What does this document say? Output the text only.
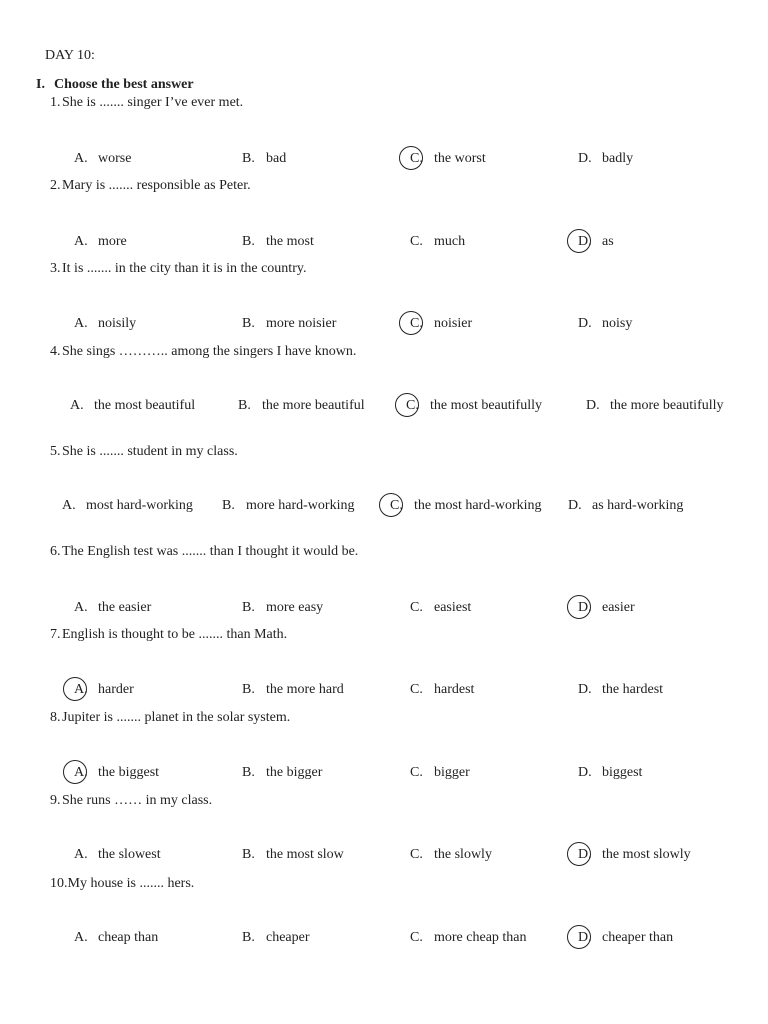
DAY 10:
I. Choose the best answer
1. She is ....... singer I’ve ever met.
A. worse	B. bad	C. the worst	D. badly
2. Mary is ....... responsible as Peter.
A. more	B. the most	C. much	D. as
3. It is ....... in the city than it is in the country.
A. noisily	B. more noisier	C. noisier	D. noisy
4. She sings ……….. among the singers I have known.
A. the most beautiful	B. the more beautiful	C. the most beautifully	D. the more beautifully
5. She is ....... student in my class.
A. most hard-working B. more hard-working	C. the most hard-working	D. as hard-working
6. The English test was ....... than I thought it would be.
A. the easier	B. more easy	C. easiest	D. easier
7. English is thought to be ....... than Math.
A. harder	B. the more hard	C. hardest	D. the hardest
8. Jupiter is ....... planet in the solar system.
A. the biggest	B. the bigger	C. bigger	D. biggest
9. She runs …… in my class.
A. the slowest	B. the most slow	C. the slowly	D. the most slowly
10.My house is ....... hers.
A. cheap than	B. cheaper	C. more cheap than	D. cheaper than
